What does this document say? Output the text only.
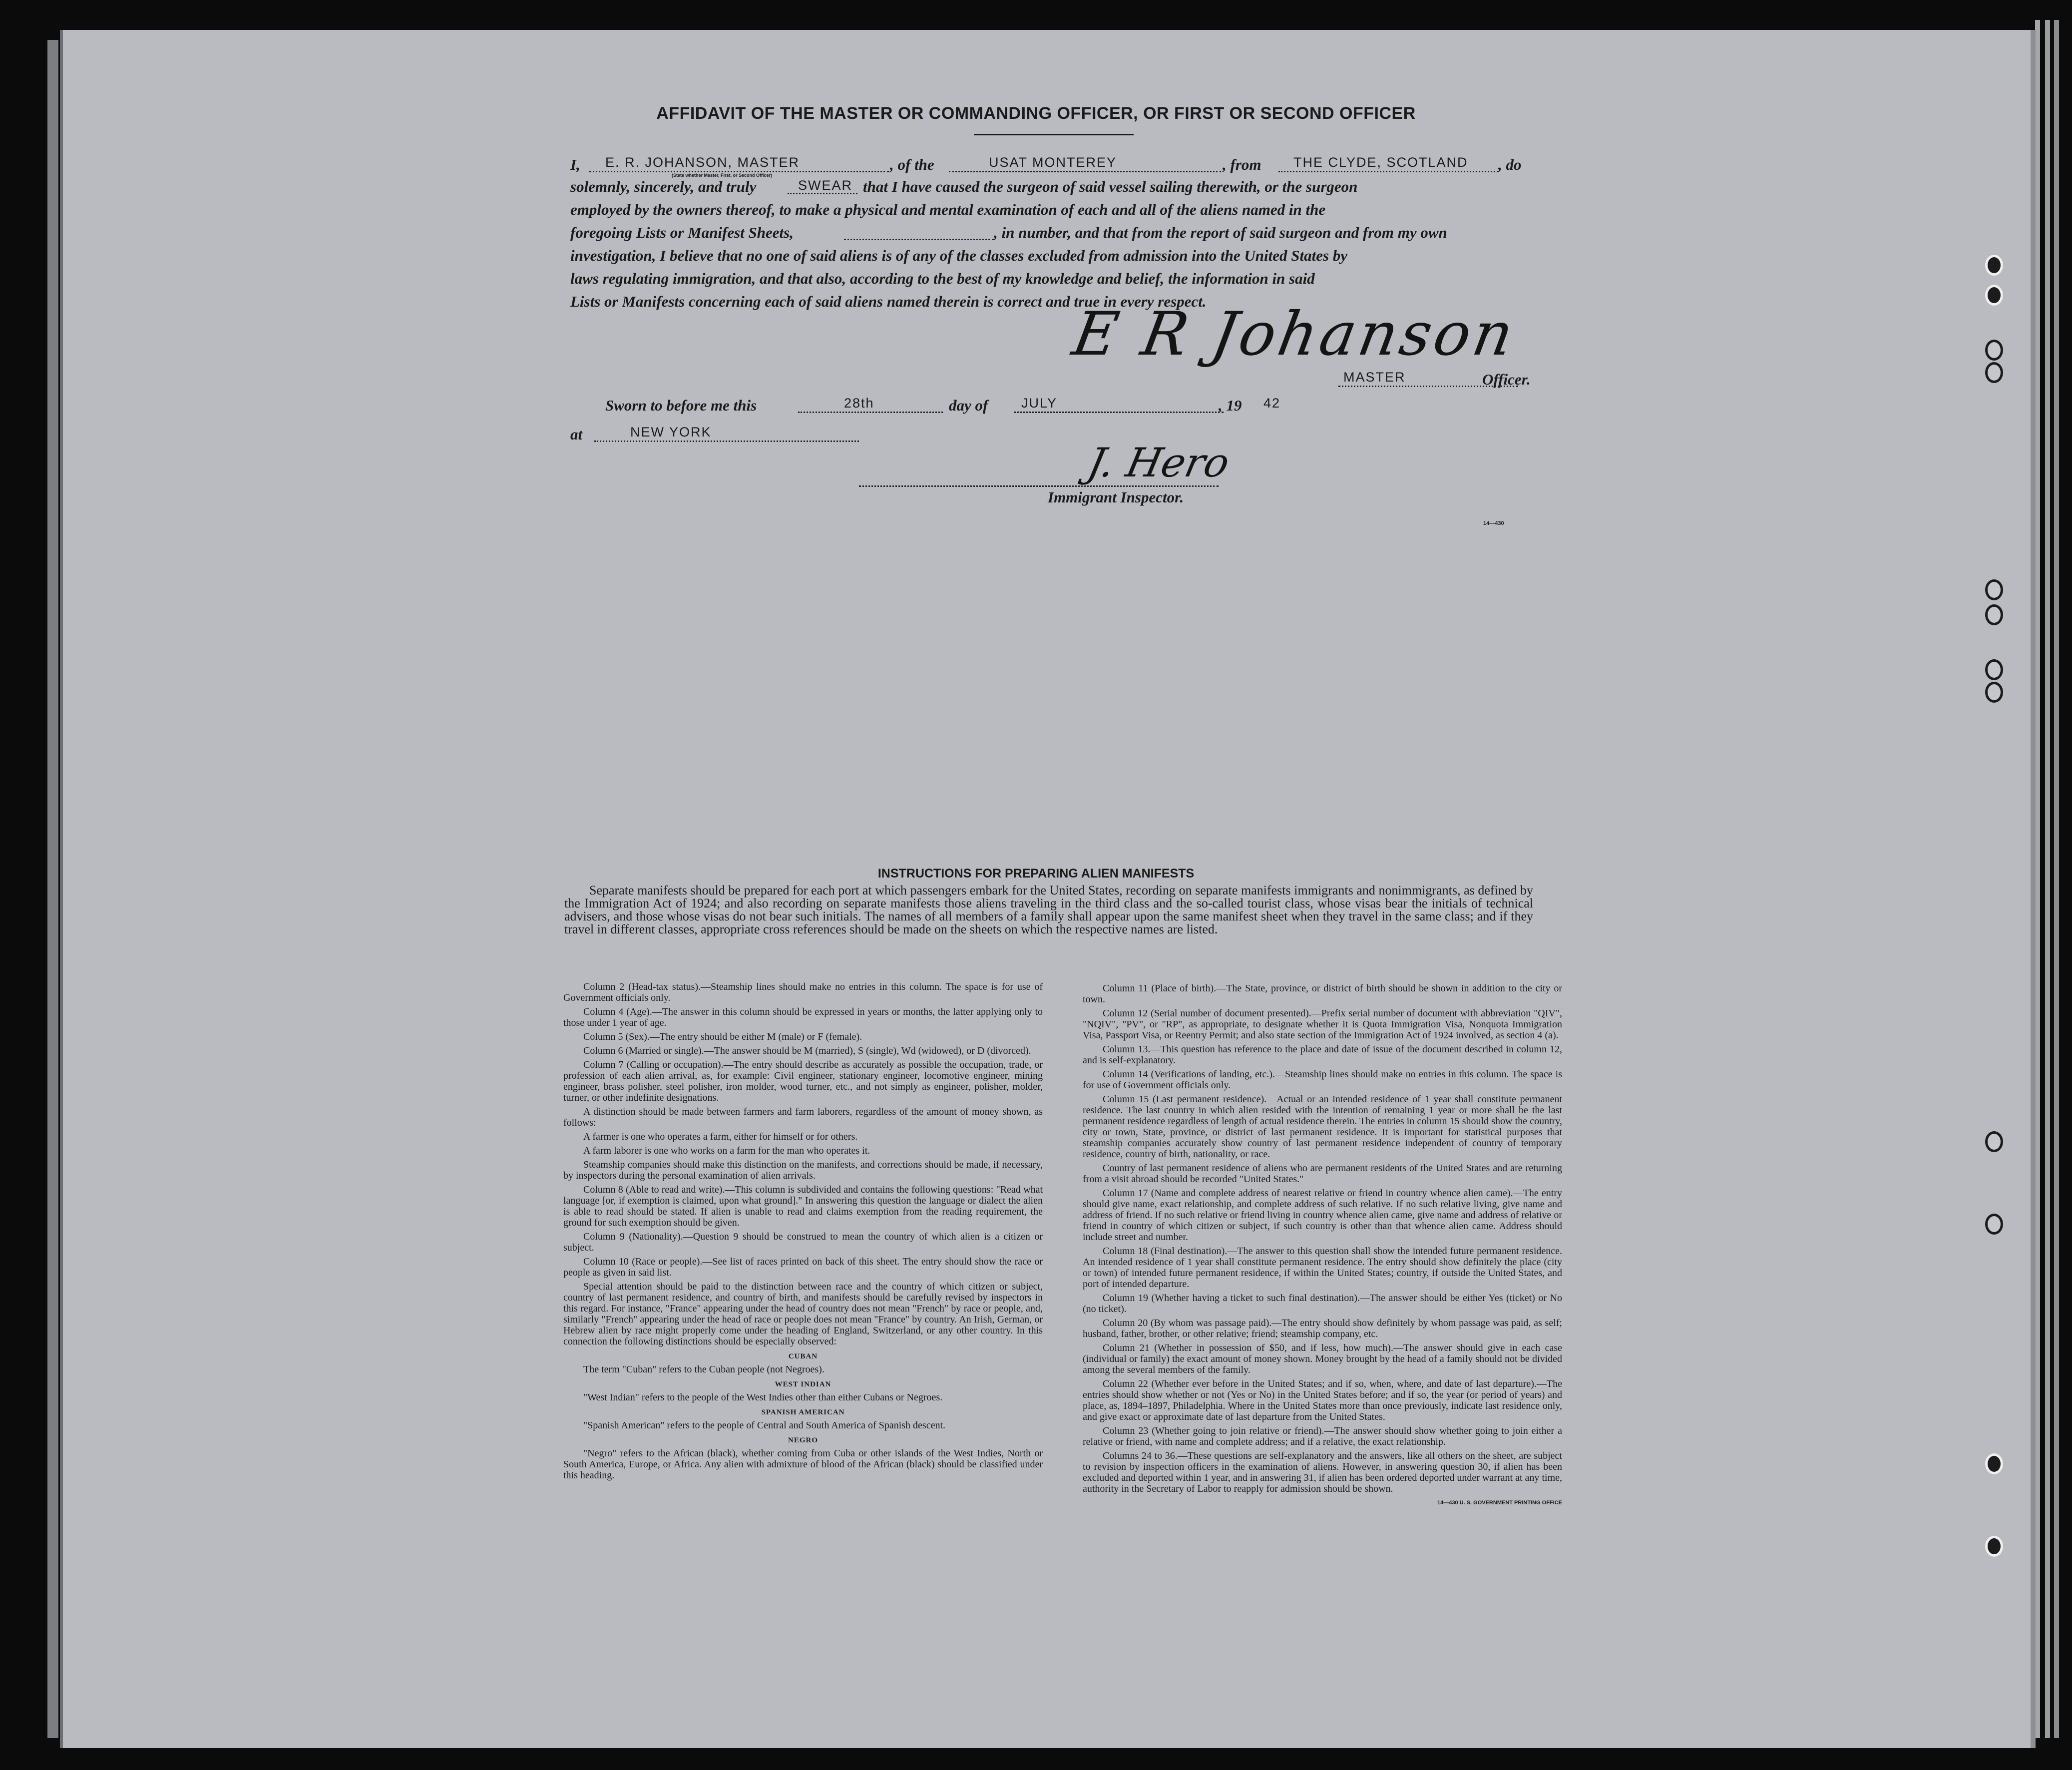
AFFIDAVIT OF THE MASTER OR COMMANDING OFFICER, OR FIRST OR SECOND OFFICER
I, E. R. JOHANSON, MASTER
(State whether Master, First, or Second Officer)
, of the	USAT MONTEREY	, from THE CLYDE, SCOTLAND , do
solemnly, sincerely, and truly	SWEAR that I have caused the surgeon of said vessel sailing therewith, or the surgeon
employed by the owners thereof, to make a physical and mental examination of each and all of the aliens named in the
foregoing Lists or Manifest Sheets,	, in number, and that from the report of said surgeon and from my own
investigation, I believe that no one of said aliens is of any of the classes excluded from admission into the United States by
laws regulating immigration, and that also, according to the best of my knowledge and belief, the information in said
Lists or Manifests concerning each of said aliens named therein is correct and true in every respect.
E R Johanson
MASTER	Officer.
Sworn to before me this	28th	day of JULY	, 19 42
at	NEW YORK
J. Hero
Immigrant Inspector.
14—430
INSTRUCTIONS FOR PREPARING ALIEN MANIFESTS
Separate manifests should be prepared for each port at which passengers embark for the United States, recording on separate manifests immigrants and nonimmigrants, as defined by the Immigration Act of 1924; and also recording on separate manifests those aliens traveling in the third class and the so-called tourist class, whose visas bear the initials of technical advisers, and those whose visas do not bear such initials. The names of all members of a family shall appear upon the same manifest sheet when they travel in the same class; and if they travel in different classes, appropriate cross references should be made on the sheets on which the respective names are listed.

Column 2 (Head-tax status).—Steamship lines should make no entries in this column. The space is for use of Government officials only.

Column 4 (Age).—The answer in this column should be expressed in years or months, the latter applying only to those under 1 year of age.

Column 5 (Sex).—The entry should be either M (male) or F (female).

Column 6 (Married or single).—The answer should be M (married), S (single), Wd (widowed), or D (divorced).

Column 7 (Calling or occupation).—The entry should describe as accurately as possible the occupation, trade, or profession of each alien arrival, as, for example: Civil engineer, stationary engineer, locomotive engineer, mining engineer, brass polisher, steel polisher, iron molder, wood turner, etc., and not simply as engineer, polisher, molder, turner, or other indefinite designations.

A distinction should be made between farmers and farm laborers, regardless of the amount of money shown, as follows:

A farmer is one who operates a farm, either for himself or for others.

A farm laborer is one who works on a farm for the man who operates it.

Steamship companies should make this distinction on the manifests, and corrections should be made, if necessary, by inspectors during the personal examination of alien arrivals.

Column 8 (Able to read and write).—This column is subdivided and contains the following questions: "Read what language [or, if exemption is claimed, upon what ground]." In answering this question the language or dialect the alien is able to read should be stated. If alien is unable to read and claims exemption from the reading requirement, the ground for such exemption should be given.

Column 9 (Nationality).—Question 9 should be construed to mean the country of which alien is a citizen or subject.

Column 10 (Race or people).—See list of races printed on back of this sheet. The entry should show the race or people as given in said list.

Special attention should be paid to the distinction between race and the country of which citizen or subject, country of last permanent residence, and country of birth, and manifests should be carefully revised by inspectors in this regard. For instance, "France" appearing under the head of country does not mean "French" by race or people, and, similarly "French" appearing under the head of race or people does not mean "France" by country. An Irish, German, or Hebrew alien by race might properly come under the heading of England, Switzerland, or any other country. In this connection the following distinctions should be especially observed:

CUBAN

The term "Cuban" refers to the Cuban people (not Negroes).

WEST INDIAN

"West Indian" refers to the people of the West Indies other than either Cubans or Negroes.

SPANISH AMERICAN

"Spanish American" refers to the people of Central and South America of Spanish descent.

NEGRO

"Negro" refers to the African (black), whether coming from Cuba or other islands of the West Indies, North or South America, Europe, or Africa. Any alien with admixture of blood of the African (black) should be classified under this heading.

Column 11 (Place of birth).—The State, province, or district of birth should be shown in addition to the city or town.

Column 12 (Serial number of document presented).—Prefix serial number of document with abbreviation "QIV", "NQIV", "PV", or "RP", as appropriate, to designate whether it is Quota Immigration Visa, Nonquota Immigration Visa, Passport Visa, or Reentry Permit; and also state section of the Immigration Act of 1924 involved, as section 4 (a).

Column 13.—This question has reference to the place and date of issue of the document described in column 12, and is self-explanatory.

Column 14 (Verifications of landing, etc.).—Steamship lines should make no entries in this column. The space is for use of Government officials only.

Column 15 (Last permanent residence).—Actual or an intended residence of 1 year shall constitute permanent residence. The last country in which alien resided with the intention of remaining 1 year or more shall be the last permanent residence regardless of length of actual residence therein. The entries in column 15 should show the country, city or town, State, province, or district of last permanent residence. It is important for statistical purposes that steamship companies accurately show country of last permanent residence independent of country of temporary residence, country of birth, nationality, or race.

Country of last permanent residence of aliens who are permanent residents of the United States and are returning from a visit abroad should be recorded "United States."

Column 17 (Name and complete address of nearest relative or friend in country whence alien came).—The entry should give name, exact relationship, and complete address of such relative. If no such relative living, give name and address of friend. If no such relative or friend living in country whence alien came, give name and address of relative or friend in country of which citizen or subject, if such country is other than that whence alien came. Address should include street and number.

Column 18 (Final destination).—The answer to this question shall show the intended future permanent residence. An intended residence of 1 year shall constitute permanent residence. The entry should show definitely the place (city or town) of intended future permanent residence, if within the United States; country, if outside the United States, and port of intended departure.

Column 19 (Whether having a ticket to such final destination).—The answer should be either Yes (ticket) or No (no ticket).

Column 20 (By whom was passage paid).—The entry should show definitely by whom passage was paid, as self; husband, father, brother, or other relative; friend; steamship company, etc.

Column 21 (Whether in possession of $50, and if less, how much).—The answer should give in each case (individual or family) the exact amount of money shown. Money brought by the head of a family should not be divided among the several members of the family.

Column 22 (Whether ever before in the United States; and if so, when, where, and date of last departure).—The entries should show whether or not (Yes or No) in the United States before; and if so, the year (or period of years) and place, as, 1894–1897, Philadelphia. Where in the United States more than once previously, indicate last residence only, and give exact or approximate date of last departure from the United States.

Column 23 (Whether going to join relative or friend).—The answer should show whether going to join either a relative or friend, with name and complete address; and if a relative, the exact relationship.

Columns 24 to 36.—These questions are self-explanatory and the answers, like all others on the sheet, are subject to revision by inspection officers in the examination of aliens. However, in answering question 30, if alien has been excluded and deported within 1 year, and in answering 31, if alien has been ordered deported under warrant at any time, authority in the Secretary of Labor to reapply for admission should be shown.

14—430 U. S. GOVERNMENT PRINTING OFFICE
